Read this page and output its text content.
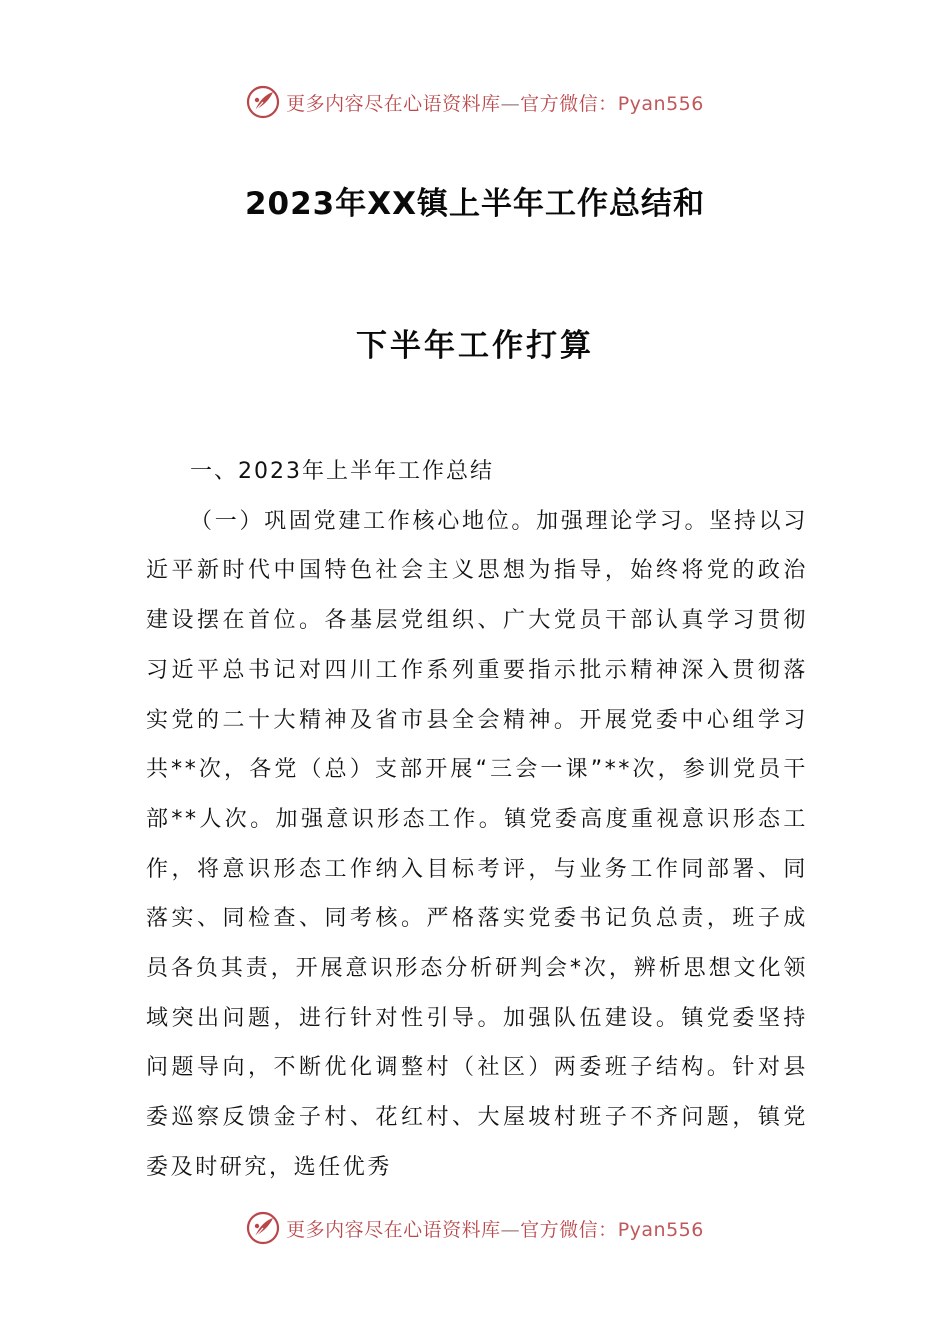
更多内容尽在心语资料库—官方微信：Pyan556
2023年XX镇上半年工作总结和
下半年工作打算

一、2023年上半年工作总结

（一）巩固党建工作核心地位。加强理论学习。坚持以习近平新时代中国特色社会主义思想为指导，始终将党的政治建设摆在首位。各基层党组织、广大党员干部认真学习贯彻习近平总书记对四川工作系列重要指示批示精神深入贯彻落实党的二十大精神及省市县全会精神。开展党委中心组学习共**次，各党（总）支部开展“三会一课”**次，参训党员干部**人次。加强意识形态工作。镇党委高度重视意识形态工作，将意识形态工作纳入目标考评，与业务工作同部署、同落实、同检查、同考核。严格落实党委书记负总责，班子成员各负其责，开展意识形态分析研判会*次，辨析思想文化领域突出问题，进行针对性引导。加强队伍建设。镇党委坚持问题导向，不断优化调整村（社区）两委班子结构。针对县委巡察反馈金子村、花红村、大屋坡村班子不齐问题，镇党委及时研究，选任优秀

更多内容尽在心语资料库—官方微信：Pyan556
